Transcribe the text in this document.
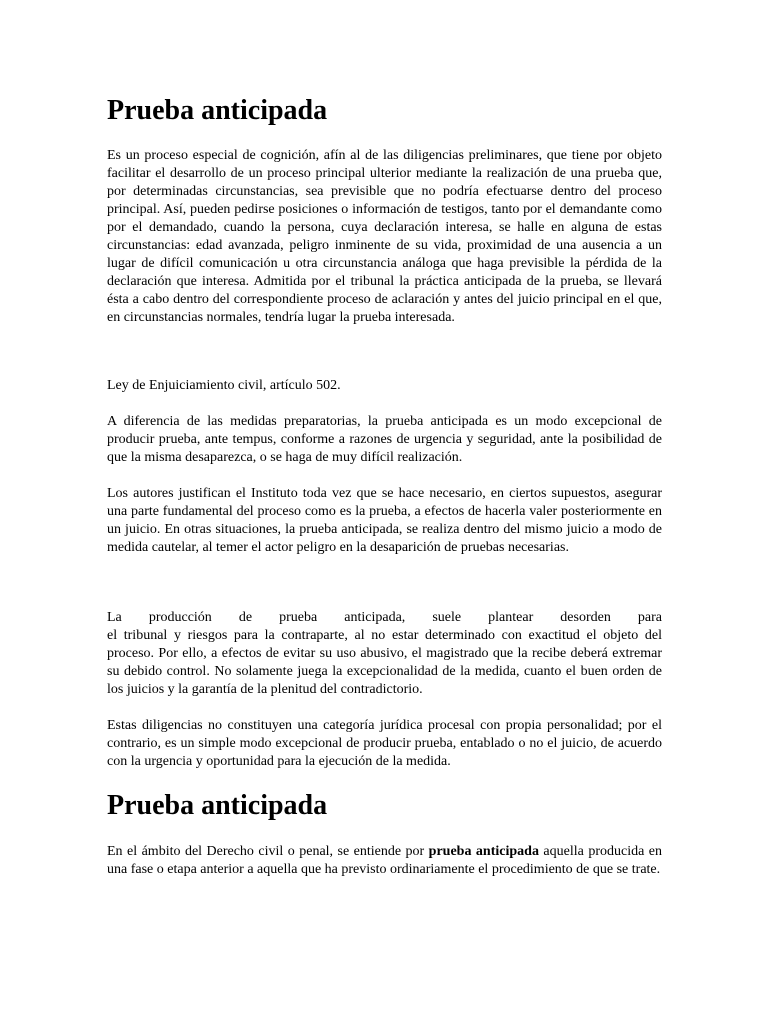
Prueba anticipada

Es un proceso especial de cognición, afín al de las diligencias preliminares, que tiene por objeto facilitar el desarrollo de un proceso principal ulterior mediante la realización de una prueba que, por determinadas circunstancias, sea previsible que no podría efectuarse dentro del proceso principal. Así, pueden pedirse posiciones o información de testigos, tanto por el demandante como por el demandado, cuando la persona, cuya declaración interesa, se halle en alguna de estas circunstancias: edad avanzada, peligro inminente de su vida, proximidad de una ausencia a un lugar de difícil comunicación u otra circunstancia análoga que haga previsible la pérdida de la declaración que interesa. Admitida por el tribunal la práctica anticipada de la prueba, se llevará ésta a cabo dentro del correspondiente proceso de aclaración y antes del juicio principal en el que, en circunstancias normales, tendría lugar la prueba interesada.

Ley de Enjuiciamiento civil, artículo 502.

A diferencia de las medidas preparatorias, la prueba anticipada es un modo excepcional de producir prueba, ante tempus, conforme a razones de urgencia y seguridad, ante la posibilidad de que la misma desaparezca, o se haga de muy difícil realización.

Los autores justifican el Instituto toda vez que se hace necesario, en ciertos supuestos, asegurar una parte fundamental del proceso como es la prueba, a efectos de hacerla valer posteriormente en un juicio. En otras situaciones, la prueba anticipada, se realiza dentro del mismo juicio a modo de medida cautelar, al temer el actor peligro en la desaparición de pruebas necesarias.

La producción de prueba anticipada, suele plantear desorden para

el tribunal y riesgos para la contraparte, al no estar determinado con exactitud el objeto del proceso. Por ello, a efectos de evitar su uso abusivo, el magistrado que la recibe deberá extremar su debido control. No solamente juega la excepcionalidad de la medida, cuanto el buen orden de los juicios y la garantía de la plenitud del contradictorio.

Estas diligencias no constituyen una categoría jurídica procesal con propia personalidad; por el contrario, es un simple modo excepcional de producir prueba, entablado o no el juicio, de acuerdo con la urgencia y oportunidad para la ejecución de la medida.

Prueba anticipada

En el ámbito del Derecho civil o penal, se entiende por prueba anticipada aquella producida en una fase o etapa anterior a aquella que ha previsto ordinariamente el procedimiento de que se trate.
